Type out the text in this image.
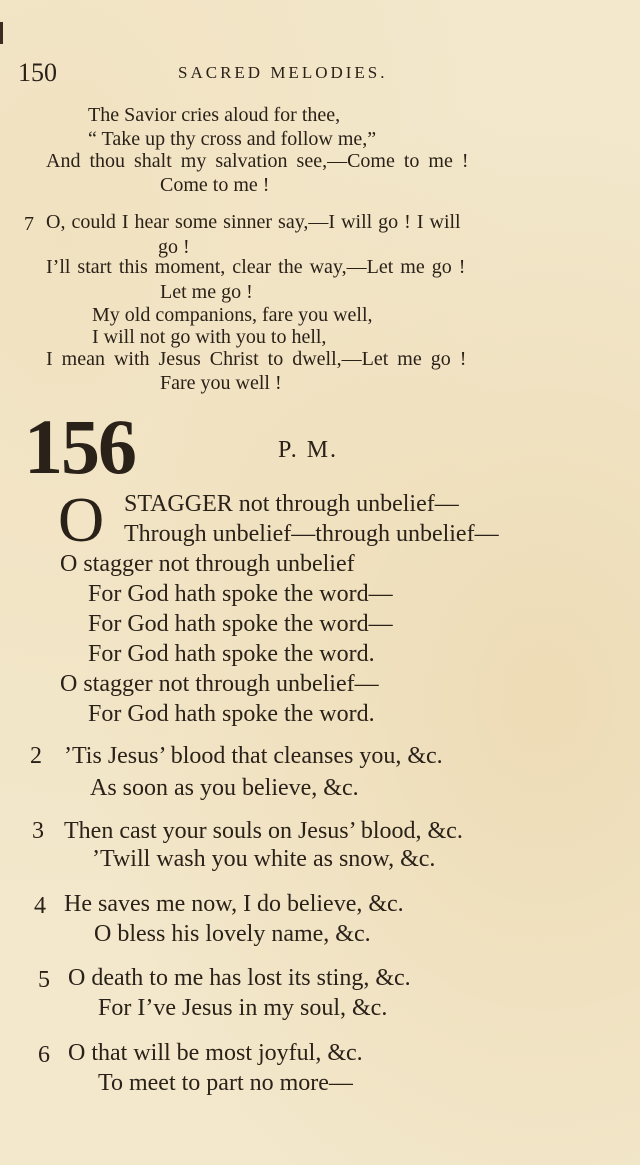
150	SACRED MELODIES.
The Savior cries aloud for thee,
“ Take up thy cross and follow me,”
And thou shalt my salvation see,—Come to me !
Come to me !
7 O, could I hear some sinner say,—I will go ! I will
go !
I’ll start this moment, clear the way,—Let me go !
Let me go !
My old companions, fare you well,
I will not go with you to hell,
I mean with Jesus Christ to dwell,—Let me go !
Fare you well !
156	P. M.
O STAGGER not through unbelief—
Through unbelief—through unbelief—
O stagger not through unbelief
For God hath spoke the word—
For God hath spoke the word—
For God hath spoke the word.
O stagger not through unbelief—
For God hath spoke the word.
2 ’Tis Jesus’ blood that cleanses you, &c.
As soon as you believe, &c.
3 Then cast your souls on Jesus’ blood, &c.
’Twill wash you white as snow, &c.
4 He saves me now, I do believe, &c.
O bless his lovely name, &c.
5 O death to me has lost its sting, &c.
For I’ve Jesus in my soul, &c.
6 O that will be most joyful, &c.
To meet to part no more—
